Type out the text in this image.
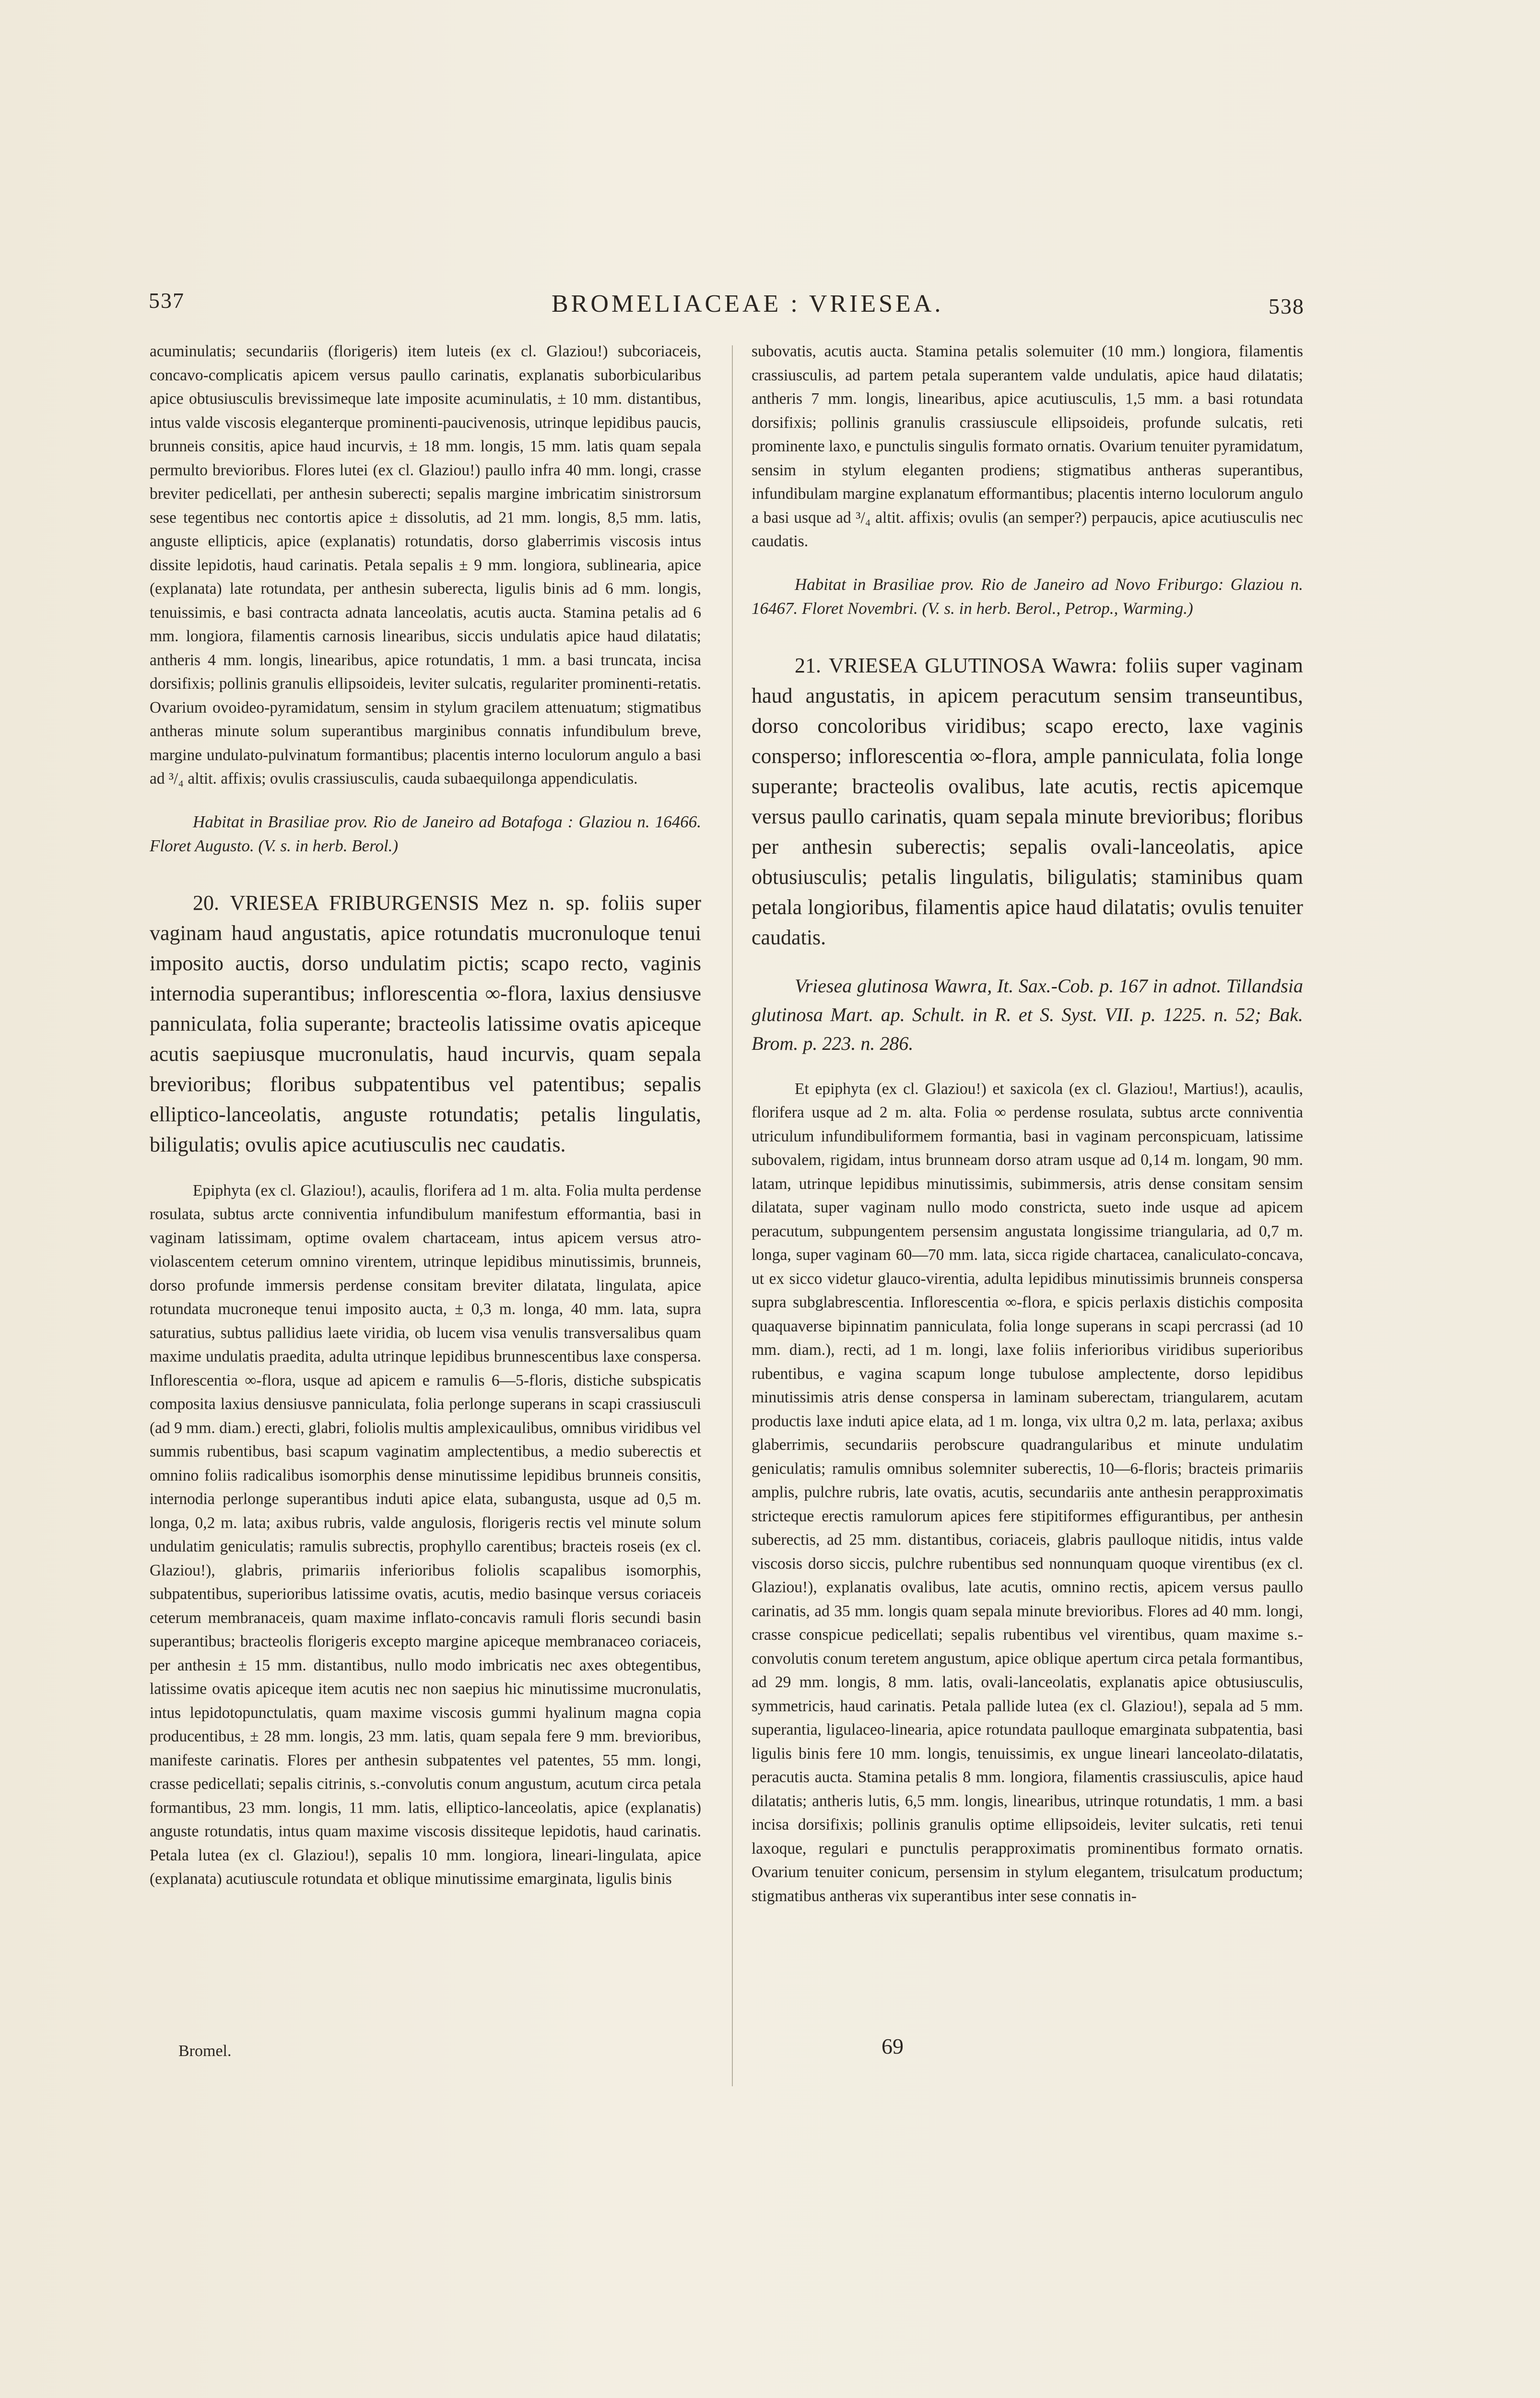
537	BROMELIACEAE : VRIESEA.	538

acuminulatis; secundariis (florigeris) item luteis (ex cl. Glaziou!) subcoriaceis, concavo-complicatis apicem versus paullo carinatis, explanatis suborbicularibus apice obtusiusculis brevissimeque late imposite acuminulatis, ± 10 mm. distantibus, intus valde viscosis eleganterque prominenti-paucivenosis, utrinque lepidibus paucis, brunneis consitis, apice haud incurvis, ± 18 mm. longis, 15 mm. latis quam sepala permulto brevioribus. Flores lutei (ex cl. Glaziou!) paullo infra 40 mm. longi, crasse breviter pedicellati, per anthesin suberecti; sepalis margine imbricatim sinistrorsum sese tegentibus nec contortis apice ± dissolutis, ad 21 mm. longis, 8,5 mm. latis, anguste ellipticis, apice (explanatis) rotundatis, dorso glaberrimis viscosis intus dissite lepidotis, haud carinatis. Petala sepalis ± 9 mm. longiora, sublinearia, apice (explanata) late rotundata, per anthesin suberecta, ligulis binis ad 6 mm. longis, tenuissimis, e basi contracta adnata lanceolatis, acutis aucta. Stamina petalis ad 6 mm. longiora, filamentis carnosis linearibus, siccis undulatis apice haud dilatatis; antheris 4 mm. longis, linearibus, apice rotundatis, 1 mm. a basi truncata, incisa dorsifixis; pollinis granulis ellipsoideis, leviter sulcatis, regulariter prominenti-retatis. Ovarium ovoideo-pyramidatum, sensim in stylum gracilem attenuatum; stigmatibus antheras minute solum superantibus marginibus connatis infundibulum breve, margine undulato-pulvinatum formantibus; placentis interno loculorum angulo a basi ad ³/₄ altit. affixis; ovulis crassiusculis, cauda subaequilonga appendiculatis.

Habitat in Brasiliae prov. Rio de Janeiro ad Botafoga : Glaziou n. 16466. Floret Augusto. (V. s. in herb. Berol.)

20. VRIESEA FRIBURGENSIS Mez n. sp. foliis super vaginam haud angustatis, apice rotundatis mucronuloque tenui imposito auctis, dorso undulatim pictis; scapo recto, vaginis internodia superantibus; inflorescentia ∞-flora, laxius densiusve panniculata, folia superante; bracteolis latissime ovatis apiceque acutis saepiusque mucronulatis, haud incurvis, quam sepala brevioribus; floribus subpatentibus vel patentibus; sepalis elliptico-lanceolatis, anguste rotundatis; petalis lingulatis, biligulatis; ovulis apice acutiusculis nec caudatis.

Epiphyta (ex cl. Glaziou!), acaulis, florifera ad 1 m. alta. Folia multa perdense rosulata, subtus arcte conniventia infundibulum manifestum efformantia, basi in vaginam latissimam, optime ovalem chartaceam, intus apicem versus atro-violascentem ceterum omnino virentem, utrinque lepidibus minutissimis, brunneis, dorso profunde immersis perdense consitam breviter dilatata, lingulata, apice rotundata mucroneque tenui imposito aucta, ± 0,3 m. longa, 40 mm. lata, supra saturatius, subtus pallidius laete viridia, ob lucem visa venulis transversalibus quam maxime undulatis praedita, adulta utrinque lepidibus brunnescentibus laxe conspersa. Inflorescentia ∞-flora, usque ad apicem e ramulis 6—5-floris, distiche subspicatis composita laxius densiusve panniculata, folia perlonge superans in scapi crassiusculi (ad 9 mm. diam.) erecti, glabri, foliolis multis amplexicaulibus, omnibus viridibus vel summis rubentibus, basi scapum vaginatim amplectentibus, a medio suberectis et omnino foliis radicalibus isomorphis dense minutissime lepidibus brunneis consitis, internodia perlonge superantibus induti apice elata, subangusta, usque ad 0,5 m. longa, 0,2 m. lata; axibus rubris, valde angulosis, florigeris rectis vel minute solum undulatim geniculatis; ramulis subrectis, prophyllo carentibus; bracteis roseis (ex cl. Glaziou!), glabris, primariis inferioribus foliolis scapalibus isomorphis, subpatentibus, superioribus latissime ovatis, acutis, medio basinque versus coriaceis ceterum membranaceis, quam maxime inflato-concavis ramuli floris secundi basin superantibus; bracteolis florigeris excepto margine apiceque membranaceo coriaceis, per anthesin ± 15 mm. distantibus, nullo modo imbricatis nec axes obtegentibus, latissime ovatis apiceque item acutis nec non saepius hic minutissime mucronulatis, intus lepidotopunctulatis, quam maxime viscosis gummi hyalinum magna copia producentibus, ± 28 mm. longis, 23 mm. latis, quam sepala fere 9 mm. brevioribus, manifeste carinatis. Flores per anthesin subpatentes vel patentes, 55 mm. longi, crasse pedicellati; sepalis citrinis, s.-convolutis conum angustum, acutum circa petala formantibus, 23 mm. longis, 11 mm. latis, elliptico-lanceolatis, apice (explanatis) anguste rotundatis, intus quam maxime viscosis dissiteque lepidotis, haud carinatis. Petala lutea (ex cl. Glaziou!), sepalis 10 mm. longiora, lineari-lingulata, apice (explanata) acutiuscule rotundata et oblique minutissime emarginata, ligulis binis

subovatis, acutis aucta. Stamina petalis solemuiter (10 mm.) longiora, filamentis crassiusculis, ad partem petala superantem valde undulatis, apice haud dilatatis; antheris 7 mm. longis, linearibus, apice acutiusculis, 1,5 mm. a basi rotundata dorsifixis; pollinis granulis crassiuscule ellipsoideis, profunde sulcatis, reti prominente laxo, e punctulis singulis formato ornatis. Ovarium tenuiter pyramidatum, sensim in stylum eleganten prodiens; stigmatibus antheras superantibus, infundibulam margine explanatum efformantibus; placentis interno loculorum angulo a basi usque ad ³/₄ altit. affixis; ovulis (an semper?) perpaucis, apice acutiusculis nec caudatis.

Habitat in Brasiliae prov. Rio de Janeiro ad Novo Friburgo: Glaziou n. 16467. Floret Novembri. (V. s. in herb. Berol., Petrop., Warming.)

21. VRIESEA GLUTINOSA Wawra: foliis super vaginam haud angustatis, in apicem peracutum sensim transeuntibus, dorso concoloribus viridibus; scapo erecto, laxe vaginis consperso; inflorescentia ∞-flora, ample panniculata, folia longe superante; bracteolis ovalibus, late acutis, rectis apicemque versus paullo carinatis, quam sepala minute brevioribus; floribus per anthesin suberectis; sepalis ovali-lanceolatis, apice obtusiusculis; petalis lingulatis, biligulatis; staminibus quam petala longioribus, filamentis apice haud dilatatis; ovulis tenuiter caudatis.

Vriesea glutinosa Wawra, It. Sax.-Cob. p. 167 in adnot. Tillandsia glutinosa Mart. ap. Schult. in R. et S. Syst. VII. p. 1225. n. 52; Bak. Brom. p. 223. n. 286.

Et epiphyta (ex cl. Glaziou!) et saxicola (ex cl. Glaziou!, Martius!), acaulis, florifera usque ad 2 m. alta. Folia ∞ perdense rosulata, subtus arcte conniventia utriculum infundibuliformem formantia, basi in vaginam perconspicuam, latissime subovalem, rigidam, intus brunneam dorso atram usque ad 0,14 m. longam, 90 mm. latam, utrinque lepidibus minutissimis, subimmersis, atris dense consitam sensim dilatata, super vaginam nullo modo constricta, sueto inde usque ad apicem peracutum, subpungentem persensim angustata longissime triangularia, ad 0,7 m. longa, super vaginam 60—70 mm. lata, sicca rigide chartacea, canaliculato-concava, ut ex sicco videtur glauco-virentia, adulta lepidibus minutissimis brunneis conspersa supra subglabrescentia. Inflorescentia ∞-flora, e spicis perlaxis distichis composita quaquaverse bipinnatim panniculata, folia longe superans in scapi percrassi (ad 10 mm. diam.), recti, ad 1 m. longi, laxe foliis inferioribus viridibus superioribus rubentibus, e vagina scapum longe tubulose amplectente, dorso lepidibus minutissimis atris dense conspersa in laminam suberectam, triangularem, acutam productis laxe induti apice elata, ad 1 m. longa, vix ultra 0,2 m. lata, perlaxa; axibus glaberrimis, secundariis perobscure quadrangularibus et minute undulatim geniculatis; ramulis omnibus solemniter suberectis, 10—6-floris; bracteis primariis amplis, pulchre rubris, late ovatis, acutis, secundariis ante anthesin perapproximatis stricteque erectis ramulorum apices fere stipitiformes effigurantibus, per anthesin suberectis, ad 25 mm. distantibus, coriaceis, glabris paulloque nitidis, intus valde viscosis dorso siccis, pulchre rubentibus sed nonnunquam quoque virentibus (ex cl. Glaziou!), explanatis ovalibus, late acutis, omnino rectis, apicem versus paullo carinatis, ad 35 mm. longis quam sepala minute brevioribus. Flores ad 40 mm. longi, crasse conspicue pedicellati; sepalis rubentibus vel virentibus, quam maxime s.-convolutis conum teretem angustum, apice oblique apertum circa petala formantibus, ad 29 mm. longis, 8 mm. latis, ovali-lanceolatis, explanatis apice obtusiusculis, symmetricis, haud carinatis. Petala pallide lutea (ex cl. Glaziou!), sepala ad 5 mm. superantia, ligulaceo-linearia, apice rotundata paulloque emarginata subpatentia, basi ligulis binis fere 10 mm. longis, tenuissimis, ex ungue lineari lanceolato-dilatatis, peracutis aucta. Stamina petalis 8 mm. longiora, filamentis crassiusculis, apice haud dilatatis; antheris lutis, 6,5 mm. longis, linearibus, utrinque rotundatis, 1 mm. a basi incisa dorsifixis; pollinis granulis optime ellipsoideis, leviter sulcatis, reti tenui laxoque, regulari e punctulis perapproximatis prominentibus formato ornatis. Ovarium tenuiter conicum, persensim in stylum elegantem, trisulcatum productum; stigmatibus antheras vix superantibus inter sese connatis in-

Bromel.	69
